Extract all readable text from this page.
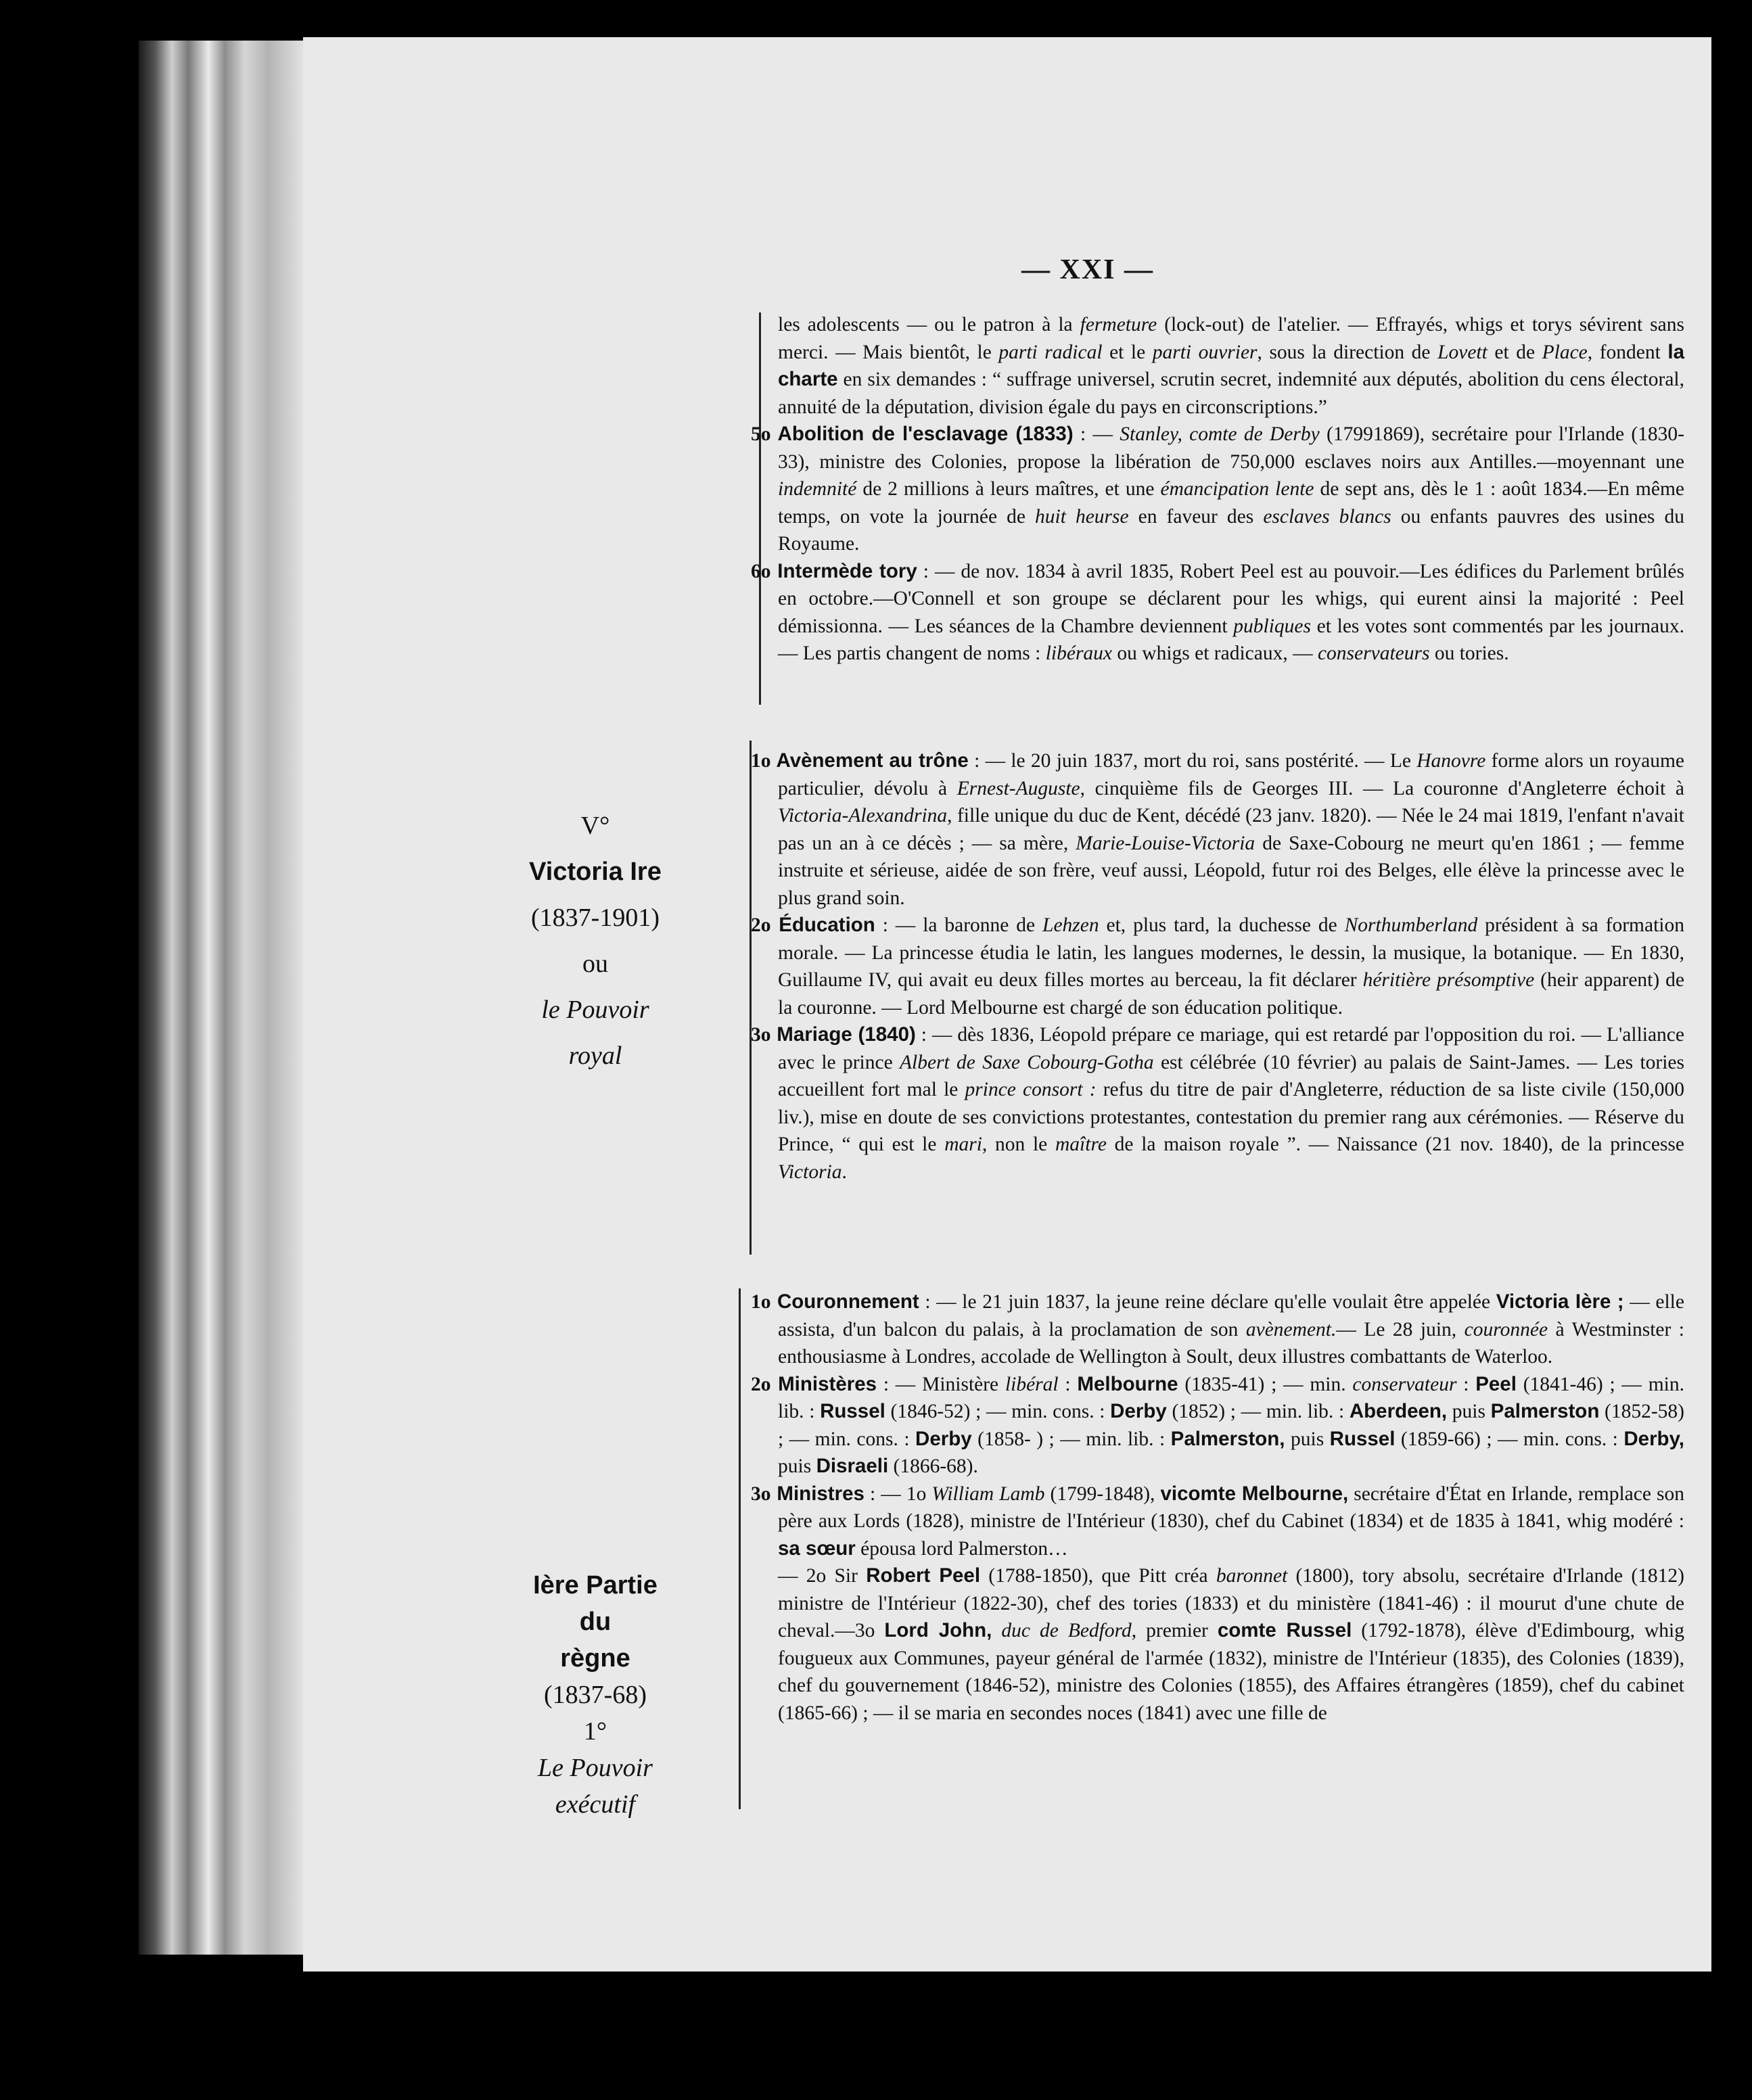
— XXI —
V°
Victoria Ire
(1837-1901)
ou
le Pouvoir
royal
Ière Partie
du
règne
(1837-68)
1°
Le Pouvoir
exécutif

les adolescents — ou le patron à la fermeture (lock-out) de l'atelier. — Effrayés, whigs et torys sévirent sans merci. — Mais bientôt, le parti radical et le parti ouvrier, sous la direction de Lovett et de Place, fondent la charte en six demandes : “ suffrage universel, scrutin secret, indemnité aux députés, abolition du cens électoral, annuité de la députation, division égale du pays en circonscriptions.”

5o Abolition de l'esclavage (1833) : — Stanley, comte de Derby (17991869), secrétaire pour l'Irlande (1830-33), ministre des Colonies, propose la libération de 750,000 esclaves noirs aux Antilles.—moyennant une indemnité de 2 millions à leurs maîtres, et une émancipation lente de sept ans, dès le 1 : août 1834.—En même temps, on vote la journée de huit heurse en faveur des esclaves blancs ou enfants pauvres des usines du Royaume.

6o Intermède tory : — de nov. 1834 à avril 1835, Robert Peel est au pouvoir.—Les édifices du Parlement brûlés en octobre.—O'Connell et son groupe se déclarent pour les whigs, qui eurent ainsi la majorité : Peel démissionna. — Les séances de la Chambre deviennent publiques et les votes sont commentés par les journaux. — Les partis changent de noms : libéraux ou whigs et radicaux, — conservateurs ou tories.

1o Avènement au trône : — le 20 juin 1837, mort du roi, sans postérité. — Le Hanovre forme alors un royaume particulier, dévolu à Ernest-Auguste, cinquième fils de Georges III. — La couronne d'Angleterre échoit à Victoria-Alexandrina, fille unique du duc de Kent, décédé (23 janv. 1820). — Née le 24 mai 1819, l'enfant n'avait pas un an à ce décès ; — sa mère, Marie-Louise-Victoria de Saxe-Cobourg ne meurt qu'en 1861 ; — femme instruite et sérieuse, aidée de son frère, veuf aussi, Léopold, futur roi des Belges, elle élève la princesse avec le plus grand soin.

2o Éducation : — la baronne de Lehzen et, plus tard, la duchesse de Northumberland président à sa formation morale. — La princesse étudia le latin, les langues modernes, le dessin, la musique, la botanique. — En 1830, Guillaume IV, qui avait eu deux filles mortes au berceau, la fit déclarer héritière présomptive (heir apparent) de la couronne. — Lord Melbourne est chargé de son éducation politique.

3o Mariage (1840) : — dès 1836, Léopold prépare ce mariage, qui est retardé par l'opposition du roi. — L'alliance avec le prince Albert de Saxe Cobourg-Gotha est célébrée (10 février) au palais de Saint-James. — Les tories accueillent fort mal le prince consort : refus du titre de pair d'Angleterre, réduction de sa liste civile (150,000 liv.), mise en doute de ses convictions protestantes, contestation du premier rang aux cérémonies. — Réserve du Prince, “ qui est le mari, non le maître de la maison royale ”. — Naissance (21 nov. 1840), de la princesse Victoria.

1o Couronnement : — le 21 juin 1837, la jeune reine déclare qu'elle voulait être appelée Victoria Ière ; — elle assista, d'un balcon du palais, à la proclamation de son avènement.— Le 28 juin, couronnée à Westminster : enthousiasme à Londres, accolade de Wellington à Soult, deux illustres combattants de Waterloo.

2o Ministères : — Ministère libéral : Melbourne (1835-41) ; — min. conservateur : Peel (1841-46) ; — min. lib. : Russel (1846-52) ; — min. cons. : Derby (1852) ; — min. lib. : Aberdeen, puis Palmerston (1852-58) ; — min. cons. : Derby (1858- ) ; — min. lib. : Palmerston, puis Russel (1859-66) ; — min. cons. : Derby, puis Disraeli (1866-68).

3o Ministres : — 1o William Lamb (1799-1848), vicomte Melbourne, secrétaire d'État en Irlande, remplace son père aux Lords (1828), ministre de l'Intérieur (1830), chef du Cabinet (1834) et de 1835 à 1841, whig modéré : sa sœur épousa lord Palmerston…

— 2o Sir Robert Peel (1788-1850), que Pitt créa baronnet (1800), tory absolu, secrétaire d'Irlande (1812) ministre de l'Intérieur (1822-30), chef des tories (1833) et du ministère (1841-46) : il mourut d'une chute de cheval.—3o Lord John, duc de Bedford, premier comte Russel (1792-1878), élève d'Edimbourg, whig fougueux aux Communes, payeur général de l'armée (1832), ministre de l'Intérieur (1835), des Colonies (1839), chef du gouvernement (1846-52), ministre des Colonies (1855), des Affaires étrangères (1859), chef du cabinet (1865-66) ; — il se maria en secondes noces (1841) avec une fille de
